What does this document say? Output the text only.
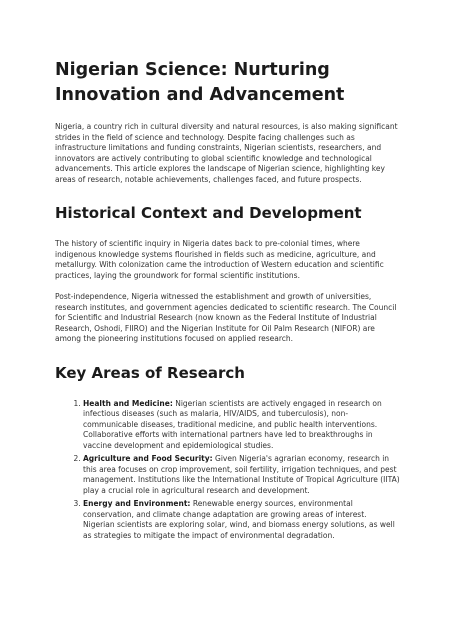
Nigerian Science: Nurturing Innovation and Advancement

Nigeria, a country rich in cultural diversity and natural resources, is also making significant strides in the field of science and technology. Despite facing challenges such as infrastructure limitations and funding constraints, Nigerian scientists, researchers, and innovators are actively contributing to global scientific knowledge and technological advancements. This article explores the landscape of Nigerian science, highlighting key areas of research, notable achievements, challenges faced, and future prospects.

Historical Context and Development

The history of scientific inquiry in Nigeria dates back to pre-colonial times, where indigenous knowledge systems flourished in fields such as medicine, agriculture, and metallurgy. With colonization came the introduction of Western education and scientific practices, laying the groundwork for formal scientific institutions.

Post-independence, Nigeria witnessed the establishment and growth of universities, research institutes, and government agencies dedicated to scientific research. The Council for Scientific and Industrial Research (now known as the Federal Institute of Industrial Research, Oshodi, FIIRO) and the Nigerian Institute for Oil Palm Research (NIFOR) are among the pioneering institutions focused on applied research.

Key Areas of Research
1. Health and Medicine: Nigerian scientists are actively engaged in research on infectious diseases (such as malaria, HIV/AIDS, and tuberculosis), non-communicable diseases, traditional medicine, and public health interventions. Collaborative efforts with international partners have led to breakthroughs in vaccine development and epidemiological studies.
2. Agriculture and Food Security: Given Nigeria's agrarian economy, research in this area focuses on crop improvement, soil fertility, irrigation techniques, and pest management. Institutions like the International Institute of Tropical Agriculture (IITA) play a crucial role in agricultural research and development.
3. Energy and Environment: Renewable energy sources, environmental conservation, and climate change adaptation are growing areas of interest. Nigerian scientists are exploring solar, wind, and biomass energy solutions, as well as strategies to mitigate the impact of environmental degradation.
